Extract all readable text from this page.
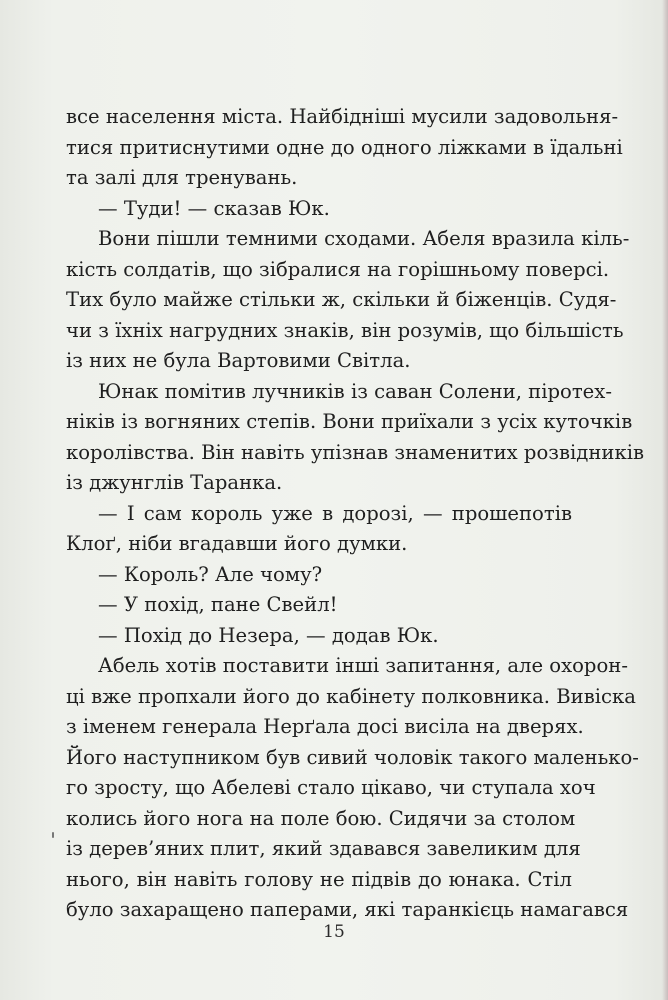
все населення міста. Найбідніші мусили задовольня-
тися притиснутими одне до одного ліжками в їдальні
та залі для тренувань.
— Туди! — сказав Юк.
Вони пішли темними сходами. Абеля вразила кіль-
кість солдатів, що зібралися на горішньому поверсі.
Тих було майже стільки ж, скільки й біженців. Судя-
чи з їхніх нагрудних знаків, він розумів, що більшість
із них не була Вартовими Світла.
Юнак помітив лучників із саван Солени, піротех-
ніків із вогняних степів. Вони приїхали з усіх куточків
королівства. Він навіть упізнав знаменитих розвідників
із джунглів Таранка.
— І сам король уже в дорозі, — прошепотів
Клоґ, ніби вгадавши його думки.
— Король? Але чому?
— У похід, пане Свейл!
— Похід до Незера, — додав Юк.
Абель хотів поставити інші запитання, але охорон-
ці вже пропхали його до кабінету полковника. Вивіска
з іменем генерала Нерґала досі висіла на дверях.
Його наступником був сивий чоловік такого маленько-
го зросту, що Абелеві стало цікаво, чи ступала хоч
колись його нога на поле бою. Сидячи за столом
із дерев’яних плит, який здавався завеликим для
нього, він навіть голову не підвів до юнака. Стіл
було захаращено паперами, які таранкієць намагався
15
